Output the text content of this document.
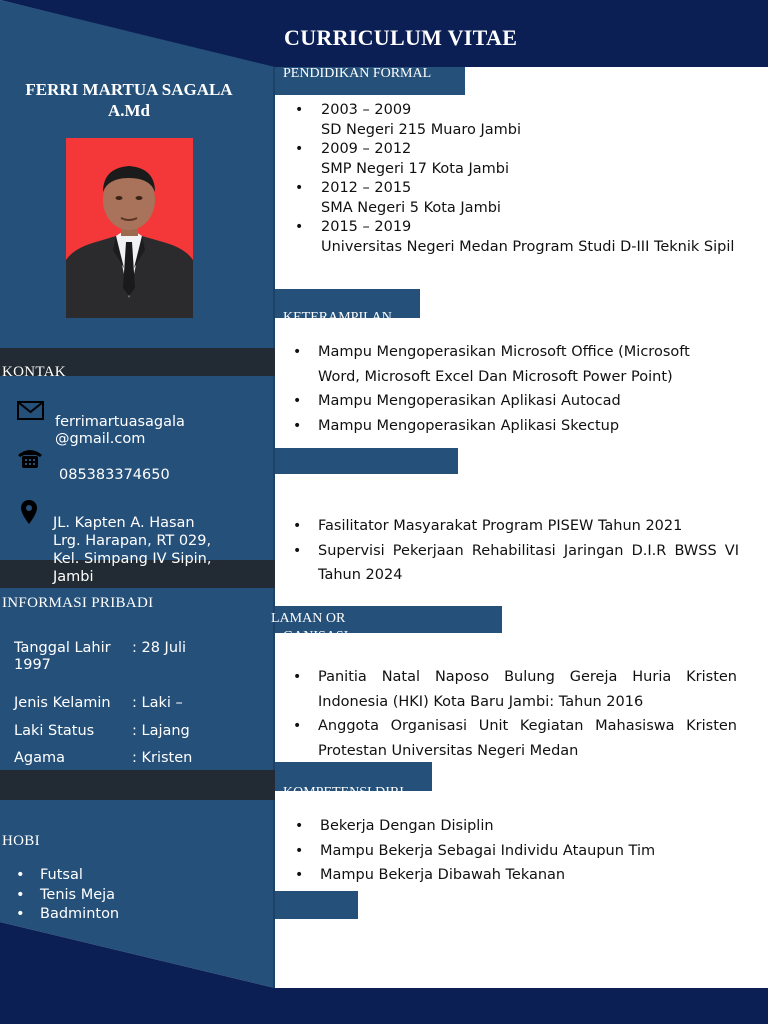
CURRICULUM VITAE
FERRI MARTUA SAGALA
A.Md
KONTAK
ferrimartuasagala
@gmail.com
085383374650
JL. Kapten A. Hasan
Lrg. Harapan, RT 029,
Kel. Simpang IV Sipin,
Jambi
INFORMASI PRIBADI
Tanggal Lahir : 28 Juli
1997
Jenis Kelamin : Laki –
Laki Status	: Lajang
Agama	: Kristen
HOBI
• Futsal
• Tenis Meja
• Badminton
PENDIDIKAN FORMAL
• 2003 – 2009
SD Negeri 215 Muaro Jambi
• 2009 – 2012
SMP Negeri 17 Kota Jambi
• 2012 – 2015
SMA Negeri 5 Kota Jambi
• 2015 – 2019
Universitas Negeri Medan Program Studi D-III Teknik Sipil
KETERAMPILAN
• Mampu Mengoperasikan Microsoft Office (Microsoft Word, Microsoft Excel Dan Microsoft Power Point)
• Mampu Mengoperasikan Aplikasi Autocad
• Mampu Mengoperasikan Aplikasi Skectup
• Fasilitator Masyarakat Program PISEW Tahun 2021
• Supervisi Pekerjaan Rehabilitasi Jaringan D.I.R BWSS VI Tahun 2024
LAMAN OR
GANISASI
• Panitia Natal Naposo Bulung Gereja Huria Kristen Indonesia (HKI) Kota Baru Jambi: Tahun 2016
• Anggota Organisasi Unit Kegiatan Mahasiswa Kristen Protestan Universitas Negeri Medan
KOMPETENSI DIRI
• Bekerja Dengan Disiplin
• Mampu Bekerja Sebagai Individu Ataupun Tim
• Mampu Bekerja Dibawah Tekanan
